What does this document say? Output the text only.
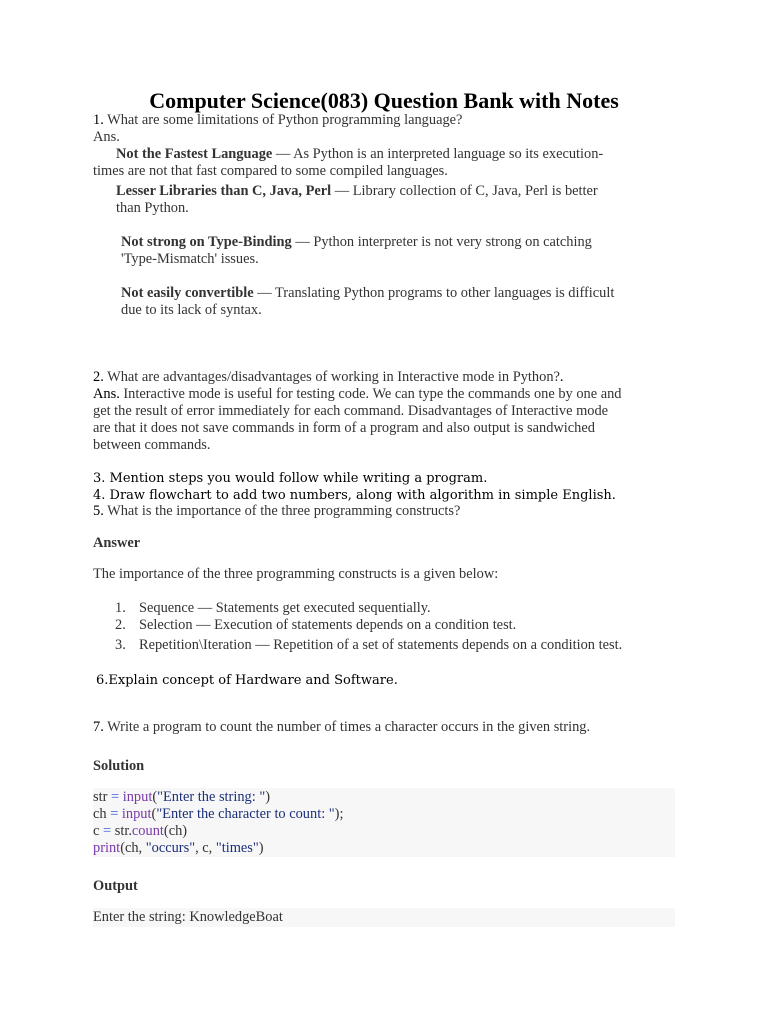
Computer Science(083) Question Bank with Notes
1. What are some limitations of Python programming language?
Ans.
Not the Fastest Language — As Python is an interpreted language so its execution-
times are not that fast compared to some compiled languages.
Lesser Libraries than C, Java, Perl — Library collection of C, Java, Perl is better
than Python.
Not strong on Type-Binding — Python interpreter is not very strong on catching
'Type-Mismatch' issues.
Not easily convertible — Translating Python programs to other languages is difficult
due to its lack of syntax.
2. What are advantages/disadvantages of working in Interactive mode in Python?.
Ans. Interactive mode is useful for testing code. We can type the commands one by one and
get the result of error immediately for each command. Disadvantages of Interactive mode
are that it does not save commands in form of a program and also output is sandwiched
between commands.
3. Mention steps you would follow while writing a program.
4. Draw flowchart to add two numbers, along with algorithm in simple English.
5. What is the importance of the three programming constructs?
Answer
The importance of the three programming constructs is a given below:
1. Sequence — Statements get executed sequentially.
2. Selection — Execution of statements depends on a condition test.
3. Repetition\Iteration — Repetition of a set of statements depends on a condition test.
6.Explain concept of Hardware and Software.
7. Write a program to count the number of times a character occurs in the given string.
Solution
str = input("Enter the string: ")
ch = input("Enter the character to count: ");
c = str.count(ch)
print(ch, "occurs", c, "times")
Output
Enter the string: KnowledgeBoat
